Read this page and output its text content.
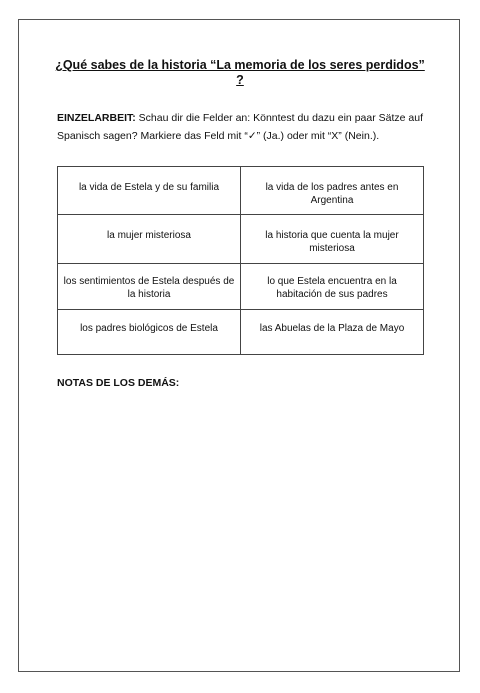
¿Qué sabes de la historia “La memoria de los seres perdidos”
?
EINZELARBEIT: Schau dir die Felder an: Könntest du dazu ein paar Sätze auf Spanisch sagen? Markiere das Feld mit “✓” (Ja.) oder mit “X” (Nein.).
la vida de Estela y de su familia	la vida de los padres antes en Argentina
la mujer misteriosa	la historia que cuenta la mujer misteriosa
los sentimientos de Estela después de la historia	lo que Estela encuentra en la habitación de sus padres
los padres biológicos de Estela	las Abuelas de la Plaza de Mayo
NOTAS DE LOS DEMÁS:
